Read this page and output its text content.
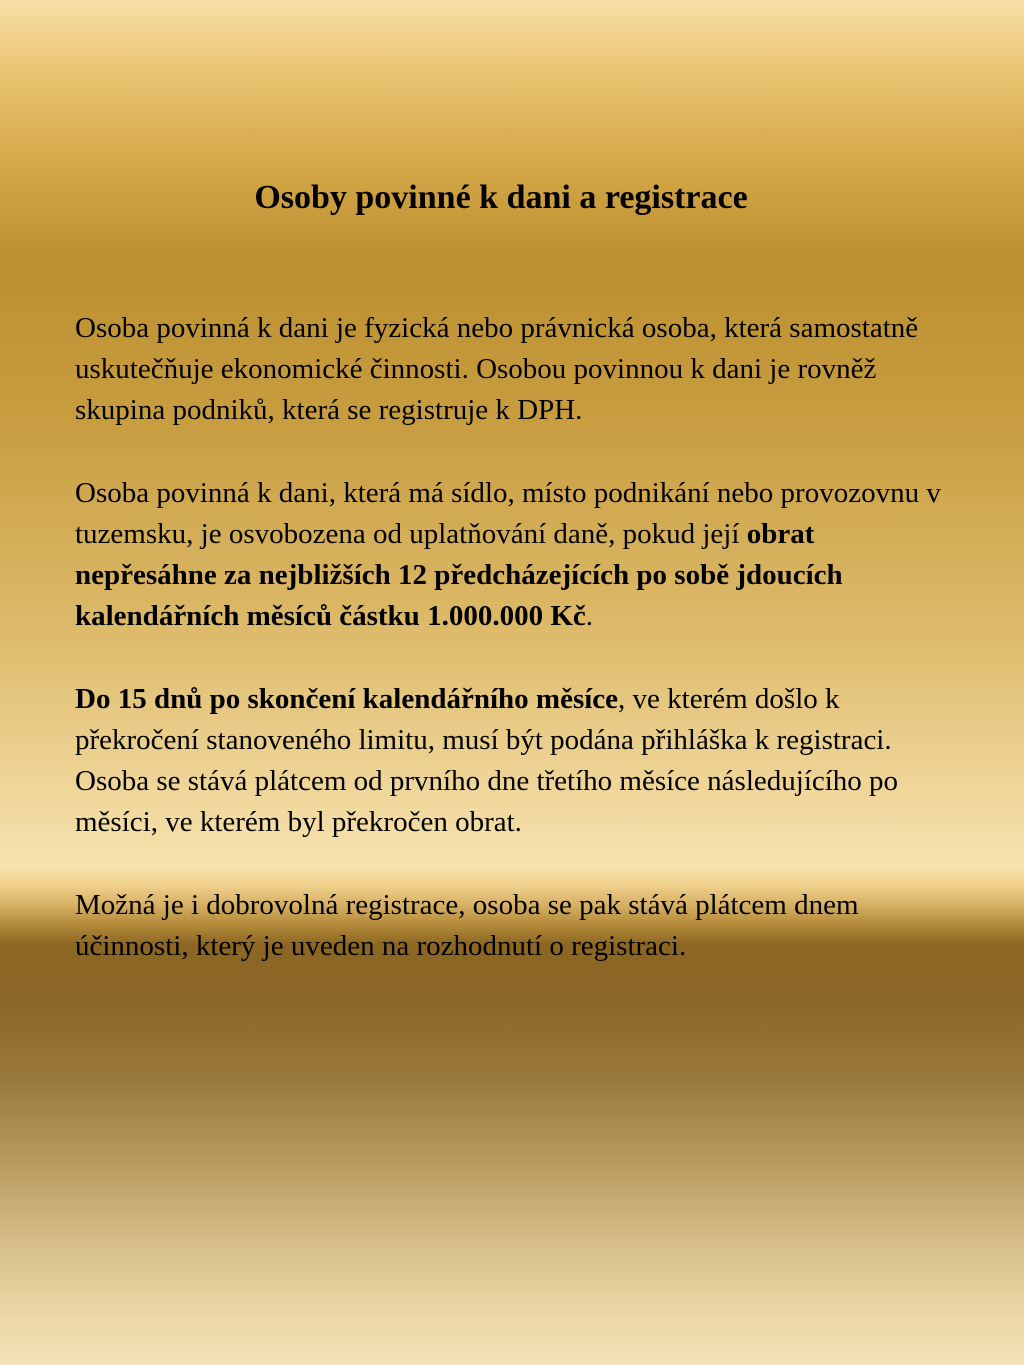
Osoby povinné k dani a registrace

Osoba povinná k dani je fyzická nebo právnická osoba, která samostatně uskutečňuje ekonomické činnosti. Osobou povinnou k dani je rovněž skupina podniků, která se registruje k DPH.

Osoba povinná k dani, která má sídlo, místo podnikání nebo provozovnu v tuzemsku, je osvobozena od uplatňování daně, pokud její obrat nepřesáhne za nejbližších 12 předcházejících po sobě jdoucích kalendářních měsíců částku 1.000.000 Kč.

Do 15 dnů po skončení kalendářního měsíce, ve kterém došlo k překročení stanoveného limitu, musí být podána přihláška k registraci. Osoba se stává plátcem od prvního dne třetího měsíce následujícího po měsíci, ve kterém byl překročen obrat.

Možná je i dobrovolná registrace, osoba se pak stává plátcem dnem účinnosti, který je uveden na rozhodnutí o registraci.
